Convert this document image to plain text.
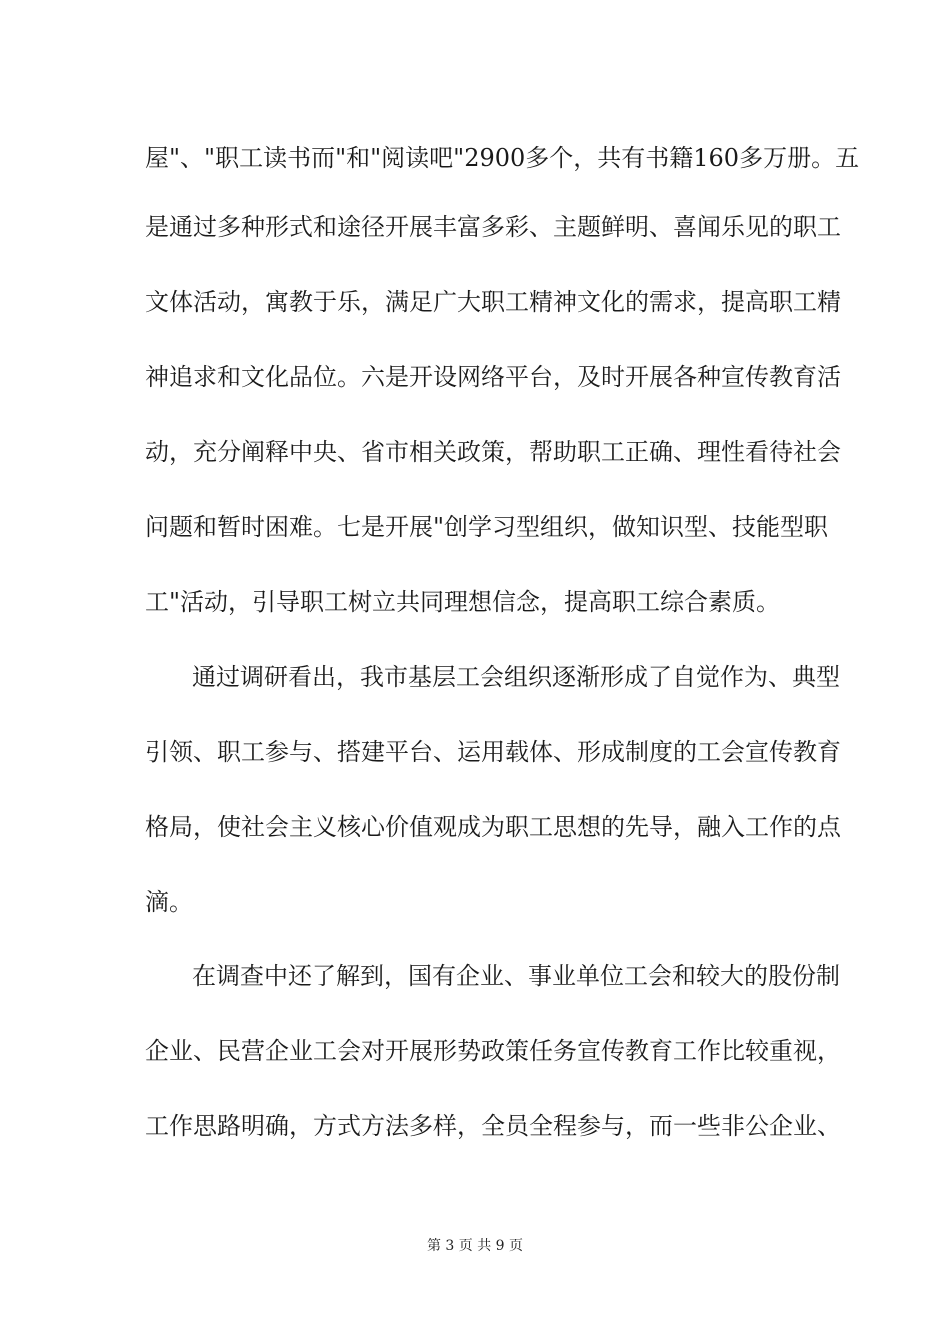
屋"、"职工读书而"和"阅读吧"2900多个，共有书籍160多万册。五
是通过多种形式和途径开展丰富多彩、主题鲜明、喜闻乐见的职工
文体活动，寓教于乐，满足广大职工精神文化的需求，提高职工精
神追求和文化品位。六是开设网络平台，及时开展各种宣传教育活
动，充分阐释中央、省市相关政策，帮助职工正确、理性看待社会
问题和暂时困难。七是开展"创学习型组织，做知识型、技能型职
工"活动，引导职工树立共同理想信念，提高职工综合素质。
通过调研看出，我市基层工会组织逐渐形成了自觉作为、典型
引领、职工参与、搭建平台、运用载体、形成制度的工会宣传教育
格局，使社会主义核心价值观成为职工思想的先导，融入工作的点
滴。
在调查中还了解到，国有企业、事业单位工会和较大的股份制
企业、民营企业工会对开展形势政策任务宣传教育工作比较重视，
工作思路明确，方式方法多样，全员全程参与，而一些非公企业、
第 3 页 共 9 页
